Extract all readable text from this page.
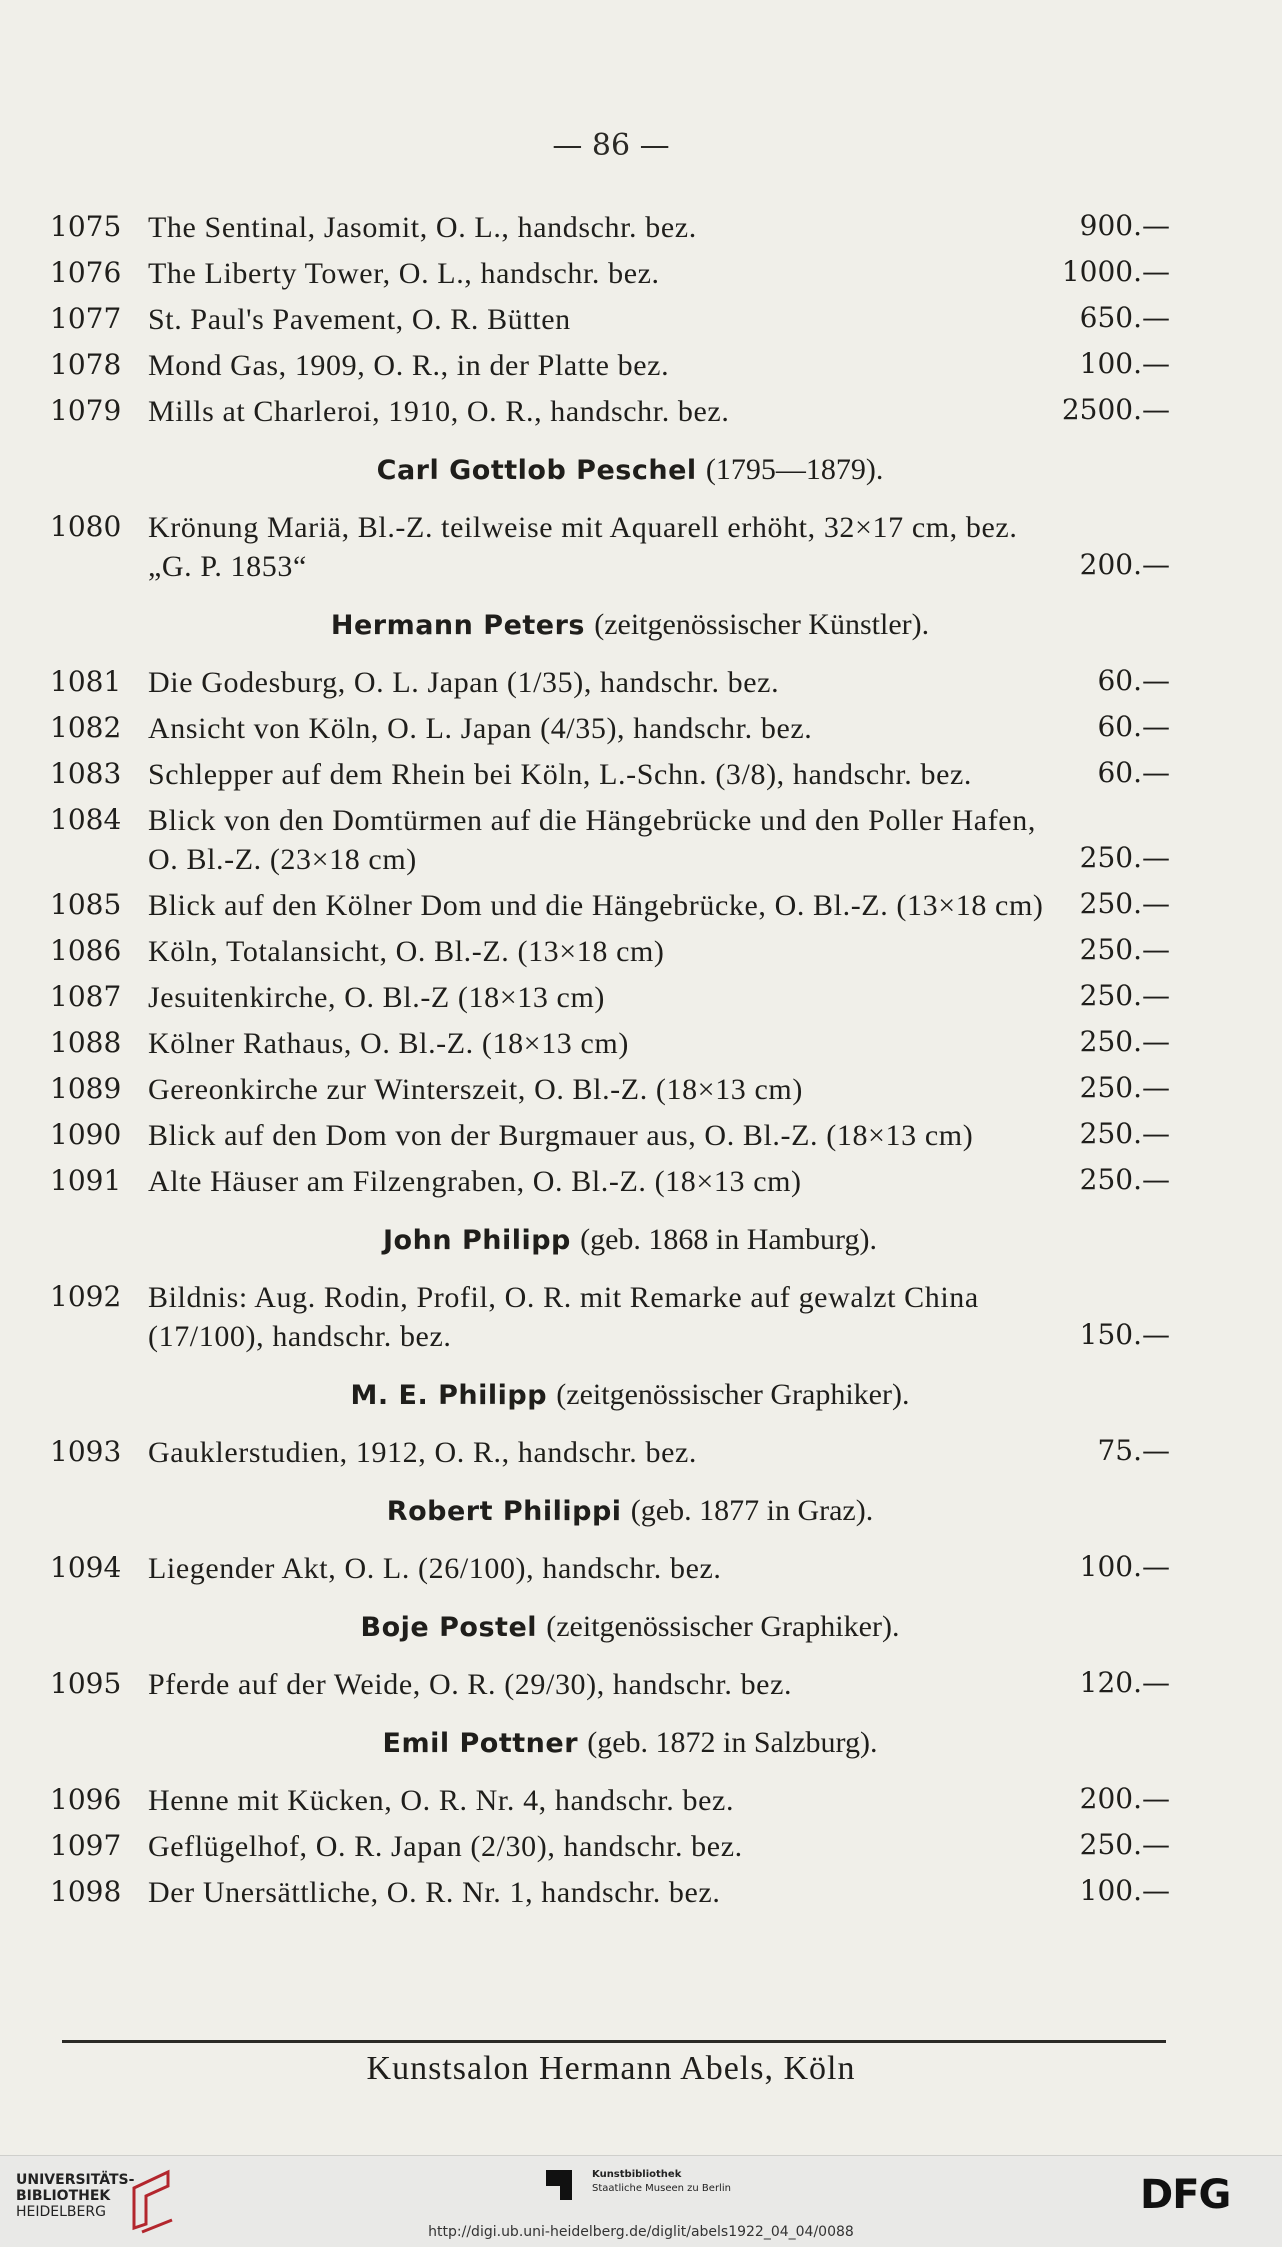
— 86 —
1075 The Sentinal, Jasomit, O. L., handschr. bez.	900.—
1076 The Liberty Tower, O. L., handschr. bez.	1000.—
1077 St. Paul's Pavement, O. R. Bütten	650.—
1078 Mond Gas, 1909, O. R., in der Platte bez.	100.—
1079 Mills at Charleroi, 1910, O. R., handschr. bez.	2500.—
Carl Gottlob Peschel (1795—1879).
1080 Krönung Mariä, Bl.-Z. teilweise mit Aquarell erhöht, 32×17 cm, bez. „G. P. 1853“	200.—
Hermann Peters (zeitgenössischer Künstler).
1081 Die Godesburg, O. L. Japan (1/35), handschr. bez.	60.—
1082 Ansicht von Köln, O. L. Japan (4/35), handschr. bez.	60.—
1083 Schlepper auf dem Rhein bei Köln, L.-Schn. (3/8), handschr. bez.	60.—
1084 Blick von den Domtürmen auf die Hängebrücke und den Poller Hafen, O. Bl.-Z. (23×18 cm)	250.—
1085 Blick auf den Kölner Dom und die Hängebrücke, O. Bl.-Z. (13×18 cm)	250.—
1086 Köln, Totalansicht, O. Bl.-Z. (13×18 cm)	250.—
1087 Jesuitenkirche, O. Bl.-Z (18×13 cm)	250.—
1088 Kölner Rathaus, O. Bl.-Z. (18×13 cm)	250.—
1089 Gereonkirche zur Winterszeit, O. Bl.-Z. (18×13 cm)	250.—
1090 Blick auf den Dom von der Burgmauer aus, O. Bl.-Z. (18×13 cm)	250.—
1091 Alte Häuser am Filzengraben, O. Bl.-Z. (18×13 cm)	250.—
John Philipp (geb. 1868 in Hamburg).
1092 Bildnis: Aug. Rodin, Profil, O. R. mit Remarke auf gewalzt China (17/100), handschr. bez.	150.—
M. E. Philipp (zeitgenössischer Graphiker).
1093 Gauklerstudien, 1912, O. R., handschr. bez.	75.—
Robert Philippi (geb. 1877 in Graz).
1094 Liegender Akt, O. L. (26/100), handschr. bez.	100.—
Boje Postel (zeitgenössischer Graphiker).
1095 Pferde auf der Weide, O. R. (29/30), handschr. bez.	120.—
Emil Pottner (geb. 1872 in Salzburg).
1096 Henne mit Kücken, O. R. Nr. 4, handschr. bez.	200.—
1097 Geflügelhof, O. R. Japan (2/30), handschr. bez.	250.—
1098 Der Unersättliche, O. R. Nr. 1, handschr. bez.	100.—
Kunstsalon Hermann Abels, Köln
UNIVERSITÄTS-
BIBLIOTHEK
HEIDELBERG
Kunstbibliothek
Staatliche Museen zu Berlin	DFG
http://digi.ub.uni-heidelberg.de/diglit/abels1922_04_04/0088
